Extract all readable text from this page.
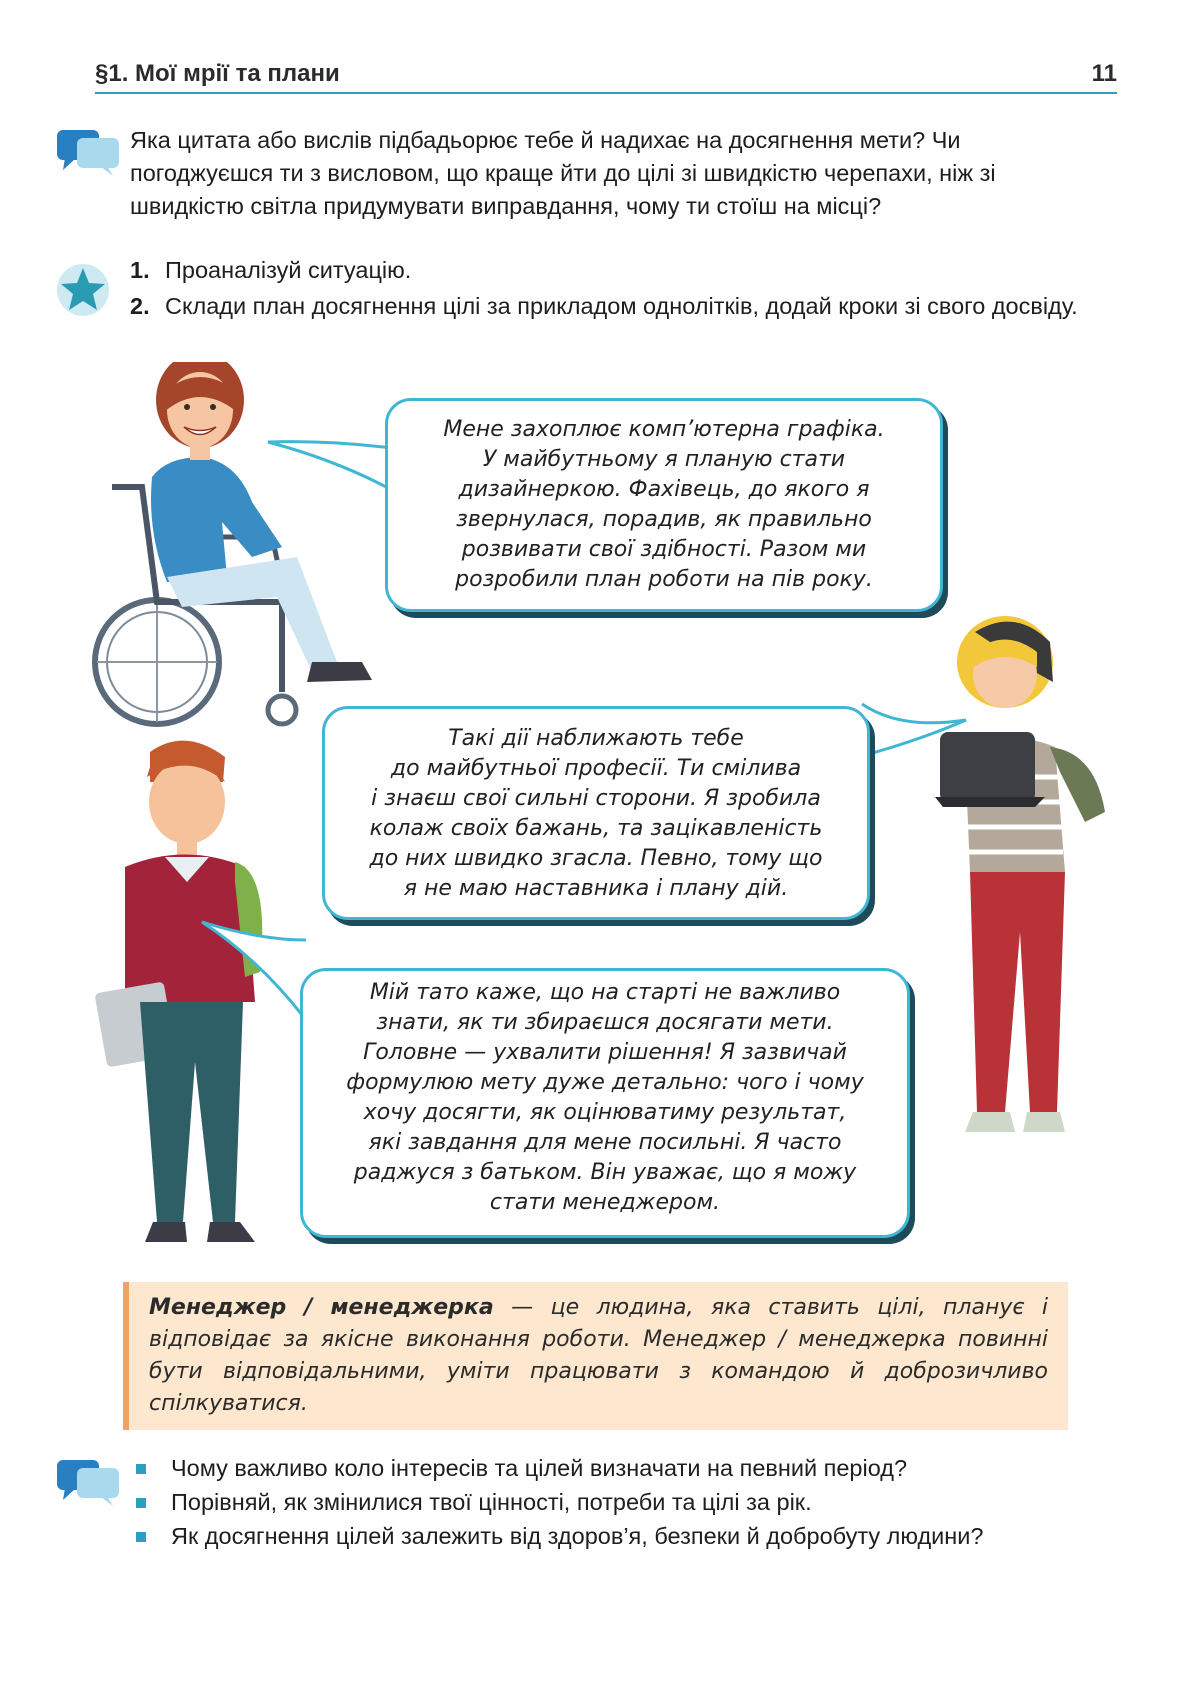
§1. Мої мрії та плани	11
Яка цитата або вислів підбадьорює тебе й надихає на досягнення мети? Чи погоджуєшся ти з висловом, що краще йти до цілі зі швидкістю черепахи, ніж зі швидкістю світла придумувати виправдання, чому ти стоїш на місці?
1. Проаналізуй ситуацію.
2. Склади план досягнення цілі за прикладом однолітків, додай кроки зі свого досвіду.

Мене захоплює комп’ютерна графіка.

У майбутньому я планую стати

дизайнеркою. Фахівець, до якого я

звернулася, порадив, як правильно

розвивати свої здібності. Разом ми

розробили план роботи на пів року.

Такі дії наближають тебе

до майбутньої професії. Ти смілива

і знаєш свої сильні сторони. Я зробила

колаж своїх бажань, та зацікавленість

до них швидко згасла. Певно, тому що

я не маю наставника і плану дій.

Мій тато каже, що на старті не важливо

знати, як ти збираєшся досягати мети.

Головне — ухвалити рішення! Я зазвичай

формулюю мету дуже детально: чого і чому

хочу досягти, як оцінюватиму результат,

які завдання для мене посильні. Я часто

раджуся з батьком. Він уважає, що я можу

стати менеджером.

Менеджер / менеджерка — це людина, яка ставить цілі, планує і відповідає за якісне виконання роботи. Менеджер / менеджерка повинні бути відповідальними, уміти працювати з командою й доброзичливо спілкуватися.
Чому важливо коло інтересів та цілей визначати на певний період?
Порівняй, як змінилися твої цінності, потреби та цілі за рік.
Як досягнення цілей залежить від здоров’я, безпеки й добробуту людини?
